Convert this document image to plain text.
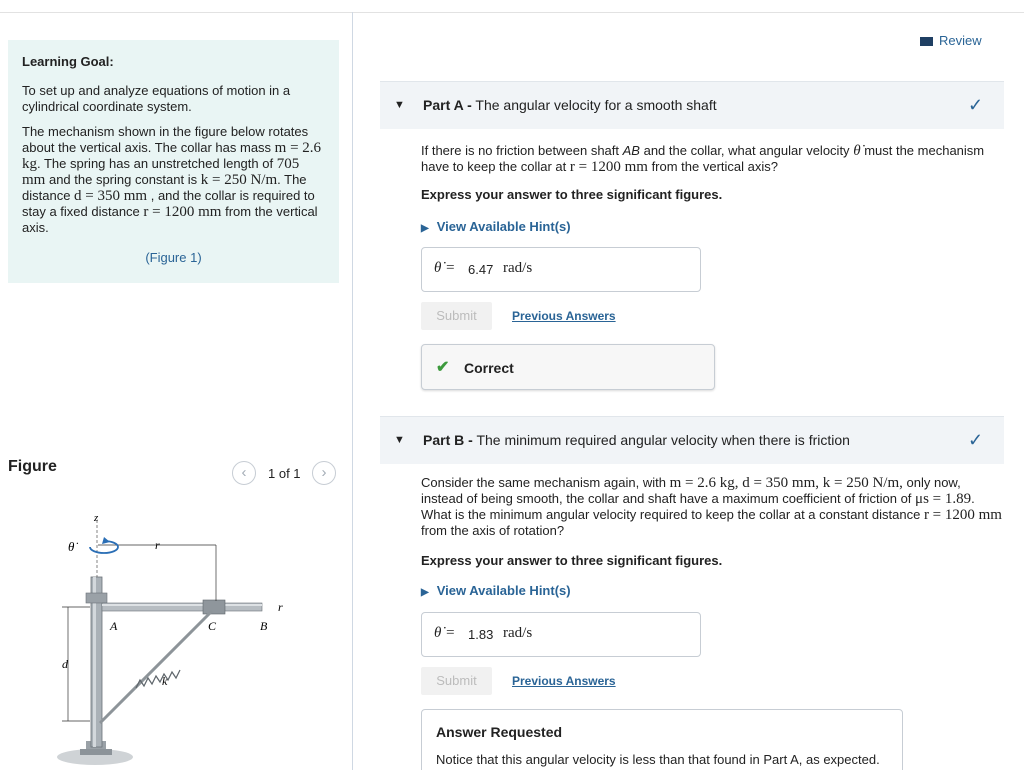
Learning Goal:

To set up and analyze equations of motion in a cylindrical coordinate system.

The mechanism shown in the figure below rotates about the vertical axis. The collar has mass m = 2.6 kg. The spring has an unstretched length of 705 mm and the spring constant is k = 250 N/m. The distance d = 350 mm , and the collar is required to stay a fixed distance r = 1200 mm from the vertical axis.

(Figure 1)
Figure	‹	1 of 1	›
z
θ̇	r
r
A	C	B
d
k
Review
▼ Part A - The angular velocity for a smooth shaft	✓
If there is no friction between shaft AB and the collar, what angular velocity θ̇ must the mechanism have to keep the collar at r = 1200 mm from the vertical axis?
Express your answer to three significant figures.
▶ View Available Hint(s)
θ̇ = 6.47 rad/s
Submit	Previous Answers
✔ Correct
▼ Part B - The minimum required angular velocity when there is friction	✓
Consider the same mechanism again, with m = 2.6 kg, d = 350 mm, k = 250 N/m, only now, instead of being smooth, the collar and shaft have a maximum coefficient of friction of μs = 1.89. What is the minimum angular velocity required to keep the collar at a constant distance r = 1200 mm from the axis of rotation?
Express your answer to three significant figures.
▶ View Available Hint(s)
θ̇ = 1.83 rad/s
Submit	Previous Answers
Answer Requested

Notice that this angular velocity is less than that found in Part A, as expected.
